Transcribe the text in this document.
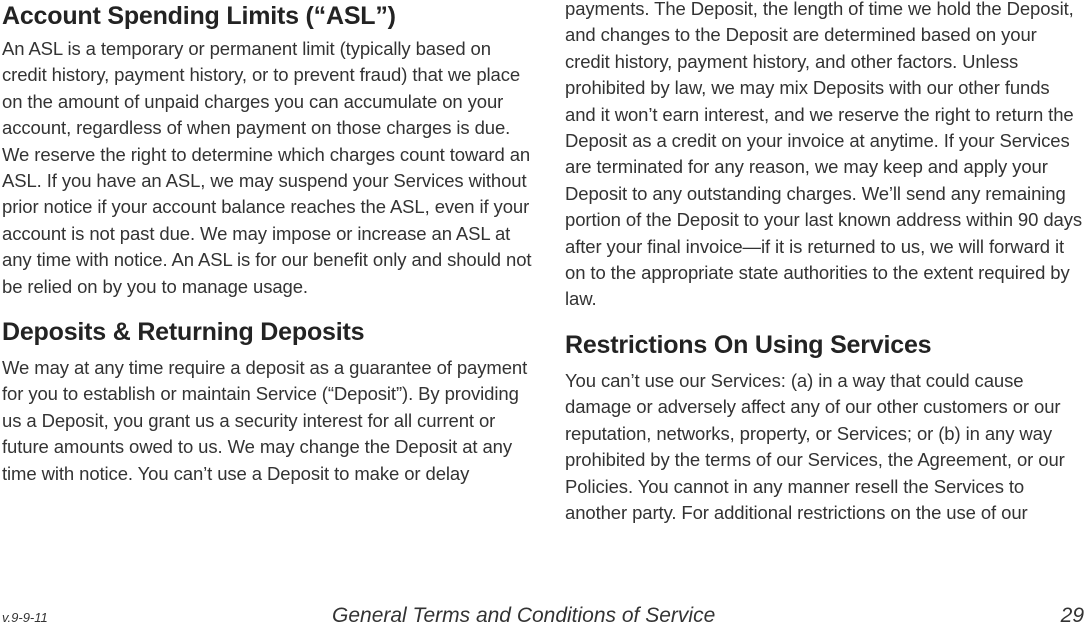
Account Spending Limits (“ASL”)

An ASL is a temporary or permanent limit (typically based on credit history, payment history, or to prevent fraud) that we place on the amount of unpaid charges you can accumulate on your account, regardless of when payment on those charges is due. We reserve the right to determine which charges count toward an ASL. If you have an ASL, we may suspend your Services without prior notice if your account balance reaches the ASL, even if your account is not past due. We may impose or increase an ASL at any time with notice. An ASL is for our benefit only and should not be relied on by you to manage usage.

Deposits & Returning Deposits

We may at any time require a deposit as a guarantee of payment for you to establish or maintain Service (“Deposit”). By providing us a Deposit, you grant us a security interest for all current or future amounts owed to us. We may change the Deposit at any time with notice. You can’t use a Deposit to make or delay

payments. The Deposit, the length of time we hold the Deposit, and changes to the Deposit are determined based on your credit history, payment history, and other factors. Unless prohibited by law, we may mix Deposits with our other funds and it won’t earn interest, and we reserve the right to return the Deposit as a credit on your invoice at anytime. If your Services are terminated for any reason, we may keep and apply your Deposit to any outstanding charges. We’ll send any remaining portion of the Deposit to your last known address within 90 days after your final invoice—if it is returned to us, we will forward it on to the appropriate state authorities to the extent required by law.

Restrictions On Using Services

You can’t use our Services: (a) in a way that could cause damage or adversely affect any of our other customers or our reputation, networks, property, or Services; or (b) in any way prohibited by the terms of our Services, the Agreement, or our Policies. You cannot in any manner resell the Services to another party. For additional restrictions on the use of our

v.9-9-11	General Terms and Conditions of Service	29
